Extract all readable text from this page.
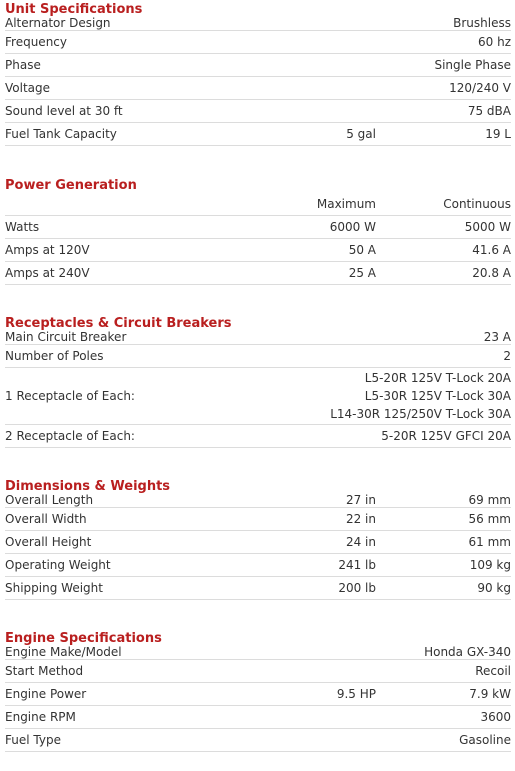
Unit Specifications
Alternator Design		Brushless
Frequency		60 hz
Phase		Single Phase
Voltage		120/240 V
Sound level at 30 ft		75 dBA
Fuel Tank Capacity	5 gal	19 L
Power Generation
	Maximum	Continuous
Watts	6000 W	5000 W
Amps at 120V	50 A	41.6 A
Amps at 240V	25 A	20.8 A
Receptacles & Circuit Breakers
Main Circuit Breaker		23 A
Number of Poles		2
1 Receptacle of Each:	L5-20R 125V T-Lock 20A
L5-30R 125V T-Lock 30A
L14-30R 125/250V T-Lock 30A	

2 Receptacle of Each:	5-20R 125V GFCI 20A	
Dimensions & Weights
Overall Length	27 in	69 mm
Overall Width	22 in	56 mm
Overall Height	24 in	61 mm
Operating Weight	241 lb	109 kg
Shipping Weight	200 lb	90 kg
Engine Specifications
Engine Make/Model		Honda GX-340
Start Method		Recoil
Engine Power	9.5 HP	7.9 kW
Engine RPM		3600
Fuel Type		Gasoline
